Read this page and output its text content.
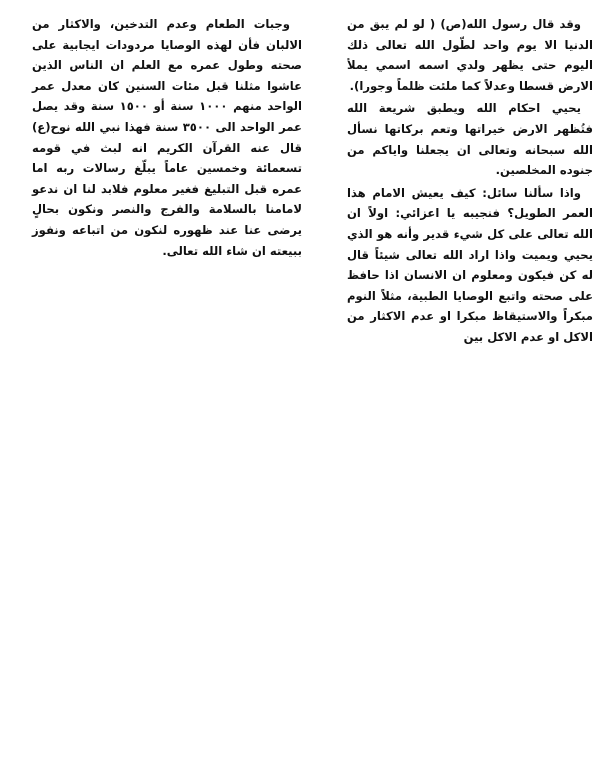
وقد قال رسول الله(ص) ( لو لم يبق من الدنيا الا يوم واحد لطّول الله تعالى ذلك اليوم حتى يظهر ولدي اسمه اسمي يملأ الارض قسطا وعدلاً كما ملئت ظلماً وجورا).

يحيي احكام الله ويطبق شريعة الله فتُظهر الارض خيراتها وتعم بركاتها نسأل الله سبحانه وتعالى ان يجعلنا واياكم من جنوده المخلصين.

واذا سألنا سائل: كيف يعيش الامام هذا العمر الطويل؟ فنجيبه يا اعزائي: اولاً ان الله تعالى على كل شيء قدير وأنه هو الذي يحيي ويميت واذا اراد الله تعالى شيئاً قال له كن فيكون ومعلوم ان الانسان اذا حافظ على صحته واتبع الوصايا الطبية، مثلاً النوم مبكراً والاستيقاظ مبكرا او عدم الاكثار من الاكل او عدم الاكل بين

وجبات الطعام وعدم التدخين، والاكثار من الالبان فأن لهذه الوصايا مردودات ايجابية على صحته وطول عمره مع العلم ان الناس الذين عاشوا مثلنا قبل مئات السنين كان معدل عمر الواحد منهم ١٠٠٠ سنة أو ١٥٠٠ سنة وقد يصل عمر الواحد الى ٣٥٠٠ سنة فهذا نبي الله نوح(ع) قال عنه القرآن الكريم انه لبث في قومه تسعمائة وخمسين عاماً يبلّغ رسالات ربه اما عمره قبل التبليغ فغير معلوم فلابد لنا ان ندعو لامامنا بالسلامة والفرج والنصر ونكون بحالٍ يرضى عنا عند ظهوره لنكون من اتباعه ونفوز ببيعته ان شاء الله تعالى.
